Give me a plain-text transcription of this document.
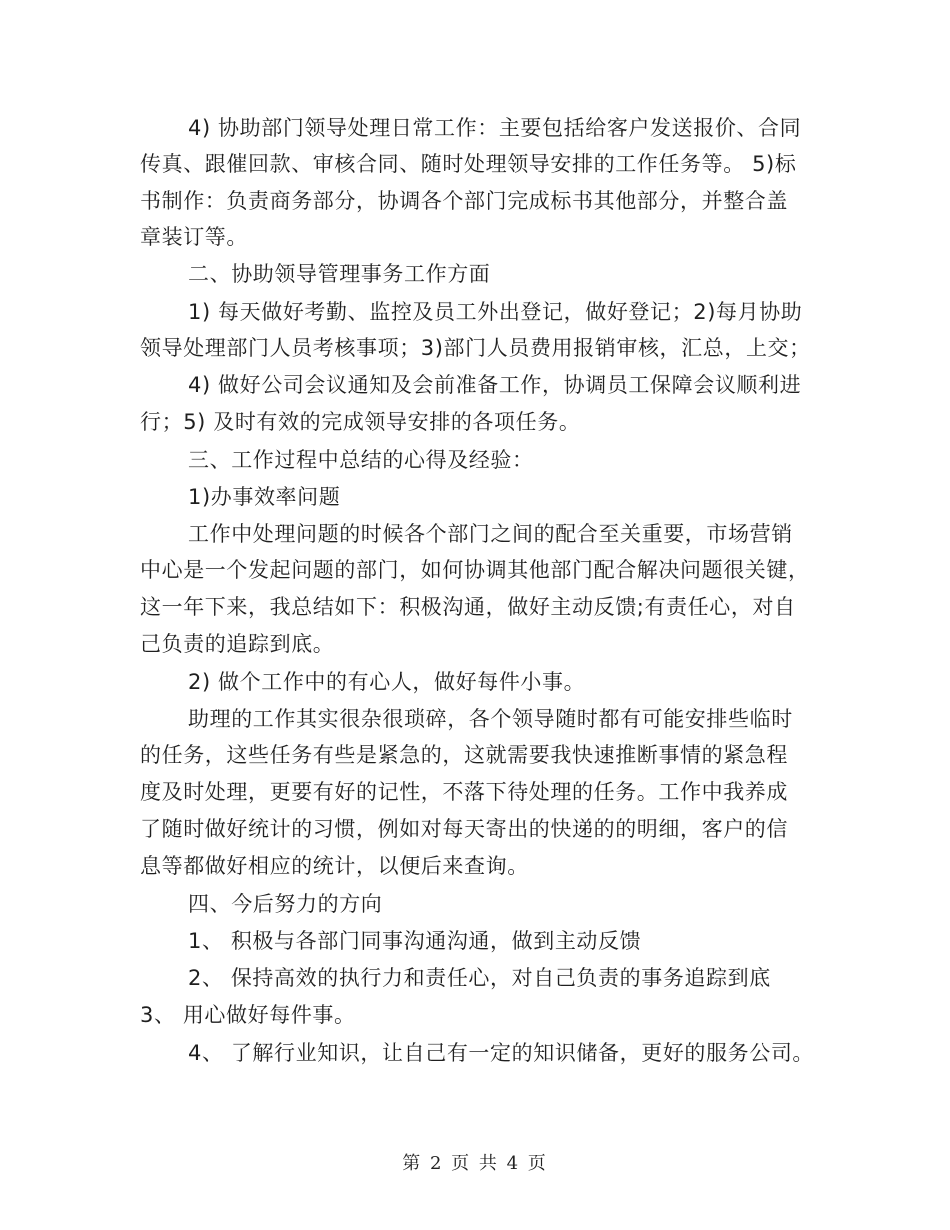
4) 协助部门领导处理日常工作：主要包括给客户发送报价、合同
传真、跟催回款、审核合同、随时处理领导安排的工作任务等。 5)标
书制作：负责商务部分，协调各个部门完成标书其他部分，并整合盖
章装订等。
二、协助领导管理事务工作方面
1) 每天做好考勤、监控及员工外出登记，做好登记；2)每月协助
领导处理部门人员考核事项；3)部门人员费用报销审核，汇总，上交；
4) 做好公司会议通知及会前准备工作，协调员工保障会议顺利进
行；5) 及时有效的完成领导安排的各项任务。
三、工作过程中总结的心得及经验：
1)办事效率问题
工作中处理问题的时候各个部门之间的配合至关重要，市场营销
中心是一个发起问题的部门，如何协调其他部门配合解决问题很关键，
这一年下来，我总结如下：积极沟通，做好主动反馈;有责任心，对自
己负责的追踪到底。
2) 做个工作中的有心人，做好每件小事。
助理的工作其实很杂很琐碎，各个领导随时都有可能安排些临时
的任务，这些任务有些是紧急的，这就需要我快速推断事情的紧急程
度及时处理，更要有好的记性，不落下待处理的任务。工作中我养成
了随时做好统计的习惯，例如对每天寄出的快递的的明细，客户的信
息等都做好相应的统计，以便后来查询。
四、今后努力的方向
1、 积极与各部门同事沟通沟通，做到主动反馈
2、 保持高效的执行力和责任心，对自己负责的事务追踪到底
3、 用心做好每件事。
4、 了解行业知识，让自己有一定的知识储备，更好的服务公司。
第 2 页 共 4 页
